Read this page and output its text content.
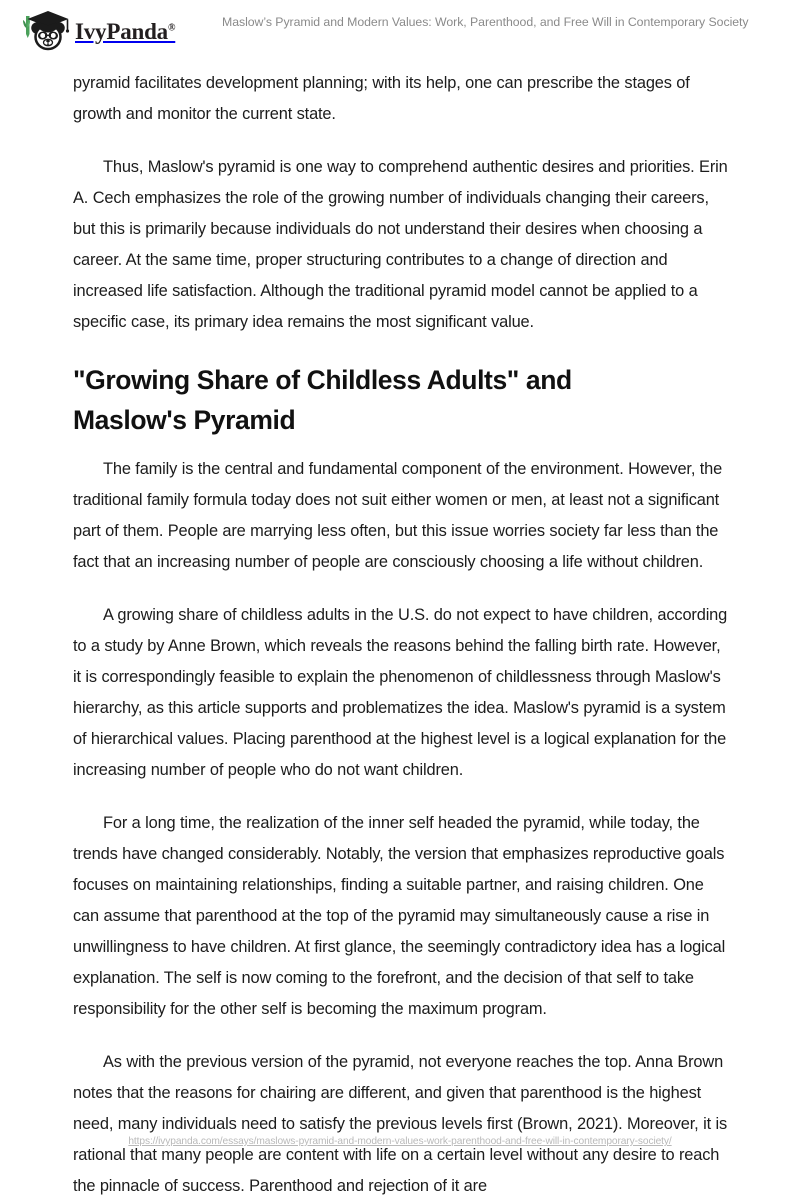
IvyPanda®	Maslow’s Pyramid and Modern Values: Work, Parenthood, and Free Will in Contemporary Society

pyramid facilitates development planning; with its help, one can prescribe the stages of growth and monitor the current state.

Thus, Maslow's pyramid is one way to comprehend authentic desires and priorities. Erin A. Cech emphasizes the role of the growing number of individuals changing their careers, but this is primarily because individuals do not understand their desires when choosing a career. At the same time, proper structuring contributes to a change of direction and increased life satisfaction. Although the traditional pyramid model cannot be applied to a specific case, its primary idea remains the most significant value.

"Growing Share of Childless Adults" and Maslow's Pyramid

The family is the central and fundamental component of the environment. However, the traditional family formula today does not suit either women or men, at least not a significant part of them. People are marrying less often, but this issue worries society far less than the fact that an increasing number of people are consciously choosing a life without children.

A growing share of childless adults in the U.S. do not expect to have children, according to a study by Anne Brown, which reveals the reasons behind the falling birth rate. However, it is correspondingly feasible to explain the phenomenon of childlessness through Maslow's hierarchy, as this article supports and problematizes the idea. Maslow's pyramid is a system of hierarchical values. Placing parenthood at the highest level is a logical explanation for the increasing number of people who do not want children.

For a long time, the realization of the inner self headed the pyramid, while today, the trends have changed considerably. Notably, the version that emphasizes reproductive goals focuses on maintaining relationships, finding a suitable partner, and raising children. One can assume that parenthood at the top of the pyramid may simultaneously cause a rise in unwillingness to have children. At first glance, the seemingly contradictory idea has a logical explanation. The self is now coming to the forefront, and the decision of that self to take responsibility for the other self is becoming the maximum program.

As with the previous version of the pyramid, not everyone reaches the top. Anna Brown notes that the reasons for chairing are different, and given that parenthood is the highest need, many individuals need to satisfy the previous levels first (Brown, 2021). Moreover, it is rational that many people are content with life on a certain level without any desire to reach the pinnacle of success. Parenthood and rejection of it are

https://ivypanda.com/essays/maslows-pyramid-and-modern-values-work-parenthood-and-free-will-in-contemporary-society/
